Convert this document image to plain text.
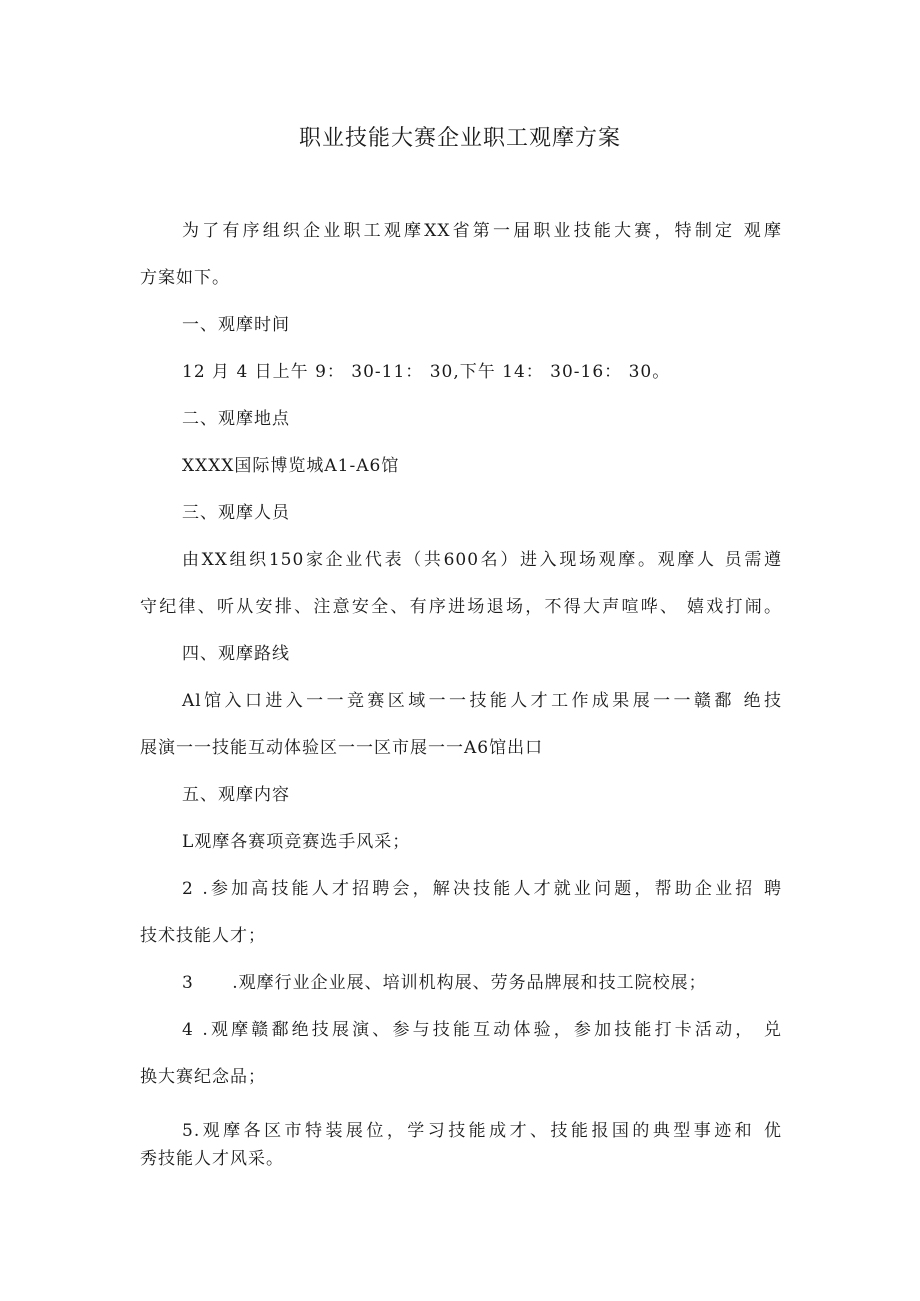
职业技能大赛企业职工观摩方案
为了有序组织企业职工观摩XX省第一届职业技能大赛，特制定 观摩
方案如下。
一、观摩时间
12 月 4 日上午 9： 30-11： 30,下午 14： 30-16： 30。
二、观摩地点
XXXX国际博览城A1-A6馆
三、观摩人员
由XX组织150家企业代表（共600名）进入现场观摩。观摩人 员需遵
守纪律、听从安排、注意安全、有序进场退场，不得大声喧哗、 嬉戏打闹。
四、观摩路线
Al馆入口进入一一竞赛区域一一技能人才工作成果展一一赣鄱 绝技
展演一一技能互动体验区一一区市展一一A6馆出口
五、观摩内容
L观摩各赛项竞赛选手风采；
2 .参加高技能人才招聘会，解决技能人才就业问题，帮助企业招 聘
技术技能人才；
3      .观摩行业企业展、培训机构展、劳务品牌展和技工院校展；
4 .观摩赣鄱绝技展演、参与技能互动体验，参加技能打卡活动， 兑
换大赛纪念品；
5.观摩各区市特装展位，学习技能成才、技能报国的典型事迹和 优
秀技能人才风采。
